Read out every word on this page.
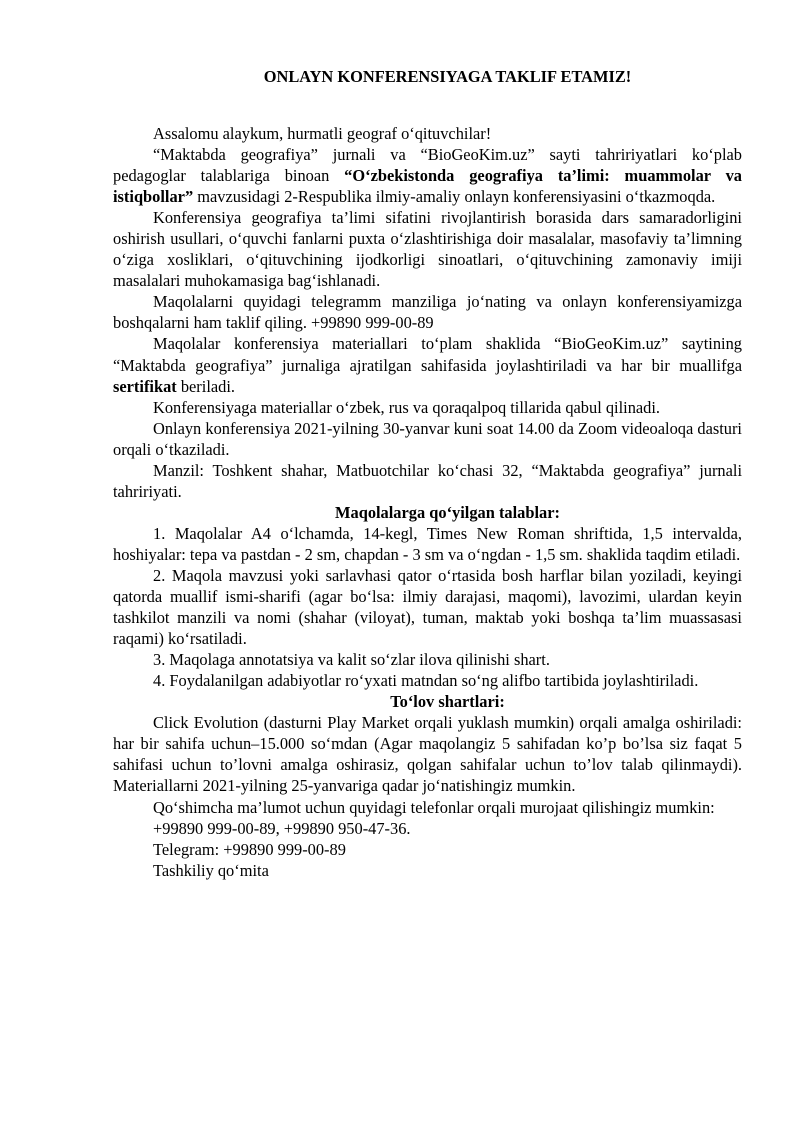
ONLAYN KONFERENSIYAGA TAKLIF ETAMIZ!

Assalomu alaykum, hurmatli geograf o‘qituvchilar!

“Maktabda geografiya” jurnali va “BioGeoKim.uz” sayti tahririyatlari ko‘plab pedagoglar talablariga binoan “O‘zbekistonda geografiya ta’limi: muammolar va istiqbollar” mavzusidagi 2-Respublika ilmiy-amaliy onlayn konferensiyasini o‘tkazmoqda.

Konferensiya geografiya ta’limi sifatini rivojlantirish borasida dars samaradorligini oshirish usullari, o‘quvchi fanlarni puxta o‘zlashtirishiga doir masalalar, masofaviy ta’limning o‘ziga xosliklari, o‘qituvchining ijodkorligi sinoatlari, o‘qituvchining zamonaviy imiji masalalari muhokamasiga bag‘ishlanadi.

Maqolalarni quyidagi telegramm manziliga jo‘nating va onlayn konferensiyamizga boshqalarni ham taklif qiling. +99890 999-00-89

Maqolalar konferensiya materiallari to‘plam shaklida “BioGeoKim.uz” saytining “Maktabda geografiya” jurnaliga ajratilgan sahifasida joylashtiriladi va har bir muallifga sertifikat beriladi.

Konferensiyaga materiallar o‘zbek, rus va qoraqalpoq tillarida qabul qilinadi.

Onlayn konferensiya 2021-yilning 30-yanvar kuni soat 14.00 da Zoom videoaloqa dasturi orqali o‘tkaziladi.

Manzil: Toshkent shahar, Matbuotchilar ko‘chasi 32, “Maktabda geografiya” jurnali tahririyati.

Maqolalarga qo‘yilgan talablar:

1. Maqolalar A4 o‘lchamda, 14-kegl, Times New Roman shriftida, 1,5 intervalda, hoshiyalar: tepa va pastdan - 2 sm, chapdan - 3 sm va o‘ngdan - 1,5 sm. shaklida taqdim etiladi.

2. Maqola mavzusi yoki sarlavhasi qator o‘rtasida bosh harflar bilan yoziladi, keyingi qatorda muallif ismi-sharifi (agar bo‘lsa: ilmiy darajasi, maqomi), lavozimi, ulardan keyin tashkilot manzili va nomi (shahar (viloyat), tuman, maktab yoki boshqa ta’lim muassasasi raqami) ko‘rsatiladi.

3. Maqolaga annotatsiya va kalit so‘zlar ilova qilinishi shart.

4. Foydalanilgan adabiyotlar ro‘yxati matndan so‘ng alifbo tartibida joylashtiriladi.

To‘lov shartlari:

Click Evolution (dasturni Play Market orqali yuklash mumkin) orqali amalga oshiriladi: har bir sahifa uchun–15.000 so‘mdan (Agar maqolangiz 5 sahifadan ko’p bo’lsa siz faqat 5 sahifasi uchun to’lovni amalga oshirasiz, qolgan sahifalar uchun to’lov talab qilinmaydi). Materiallarni 2021-yilning 25-yanvariga qadar jo‘natishingiz mumkin.

Qo‘shimcha ma’lumot uchun quyidagi telefonlar orqali murojaat qilishingiz mumkin:

+99890 999-00-89, +99890 950-47-36.

Telegram: +99890 999-00-89

Tashkiliy qo‘mita
